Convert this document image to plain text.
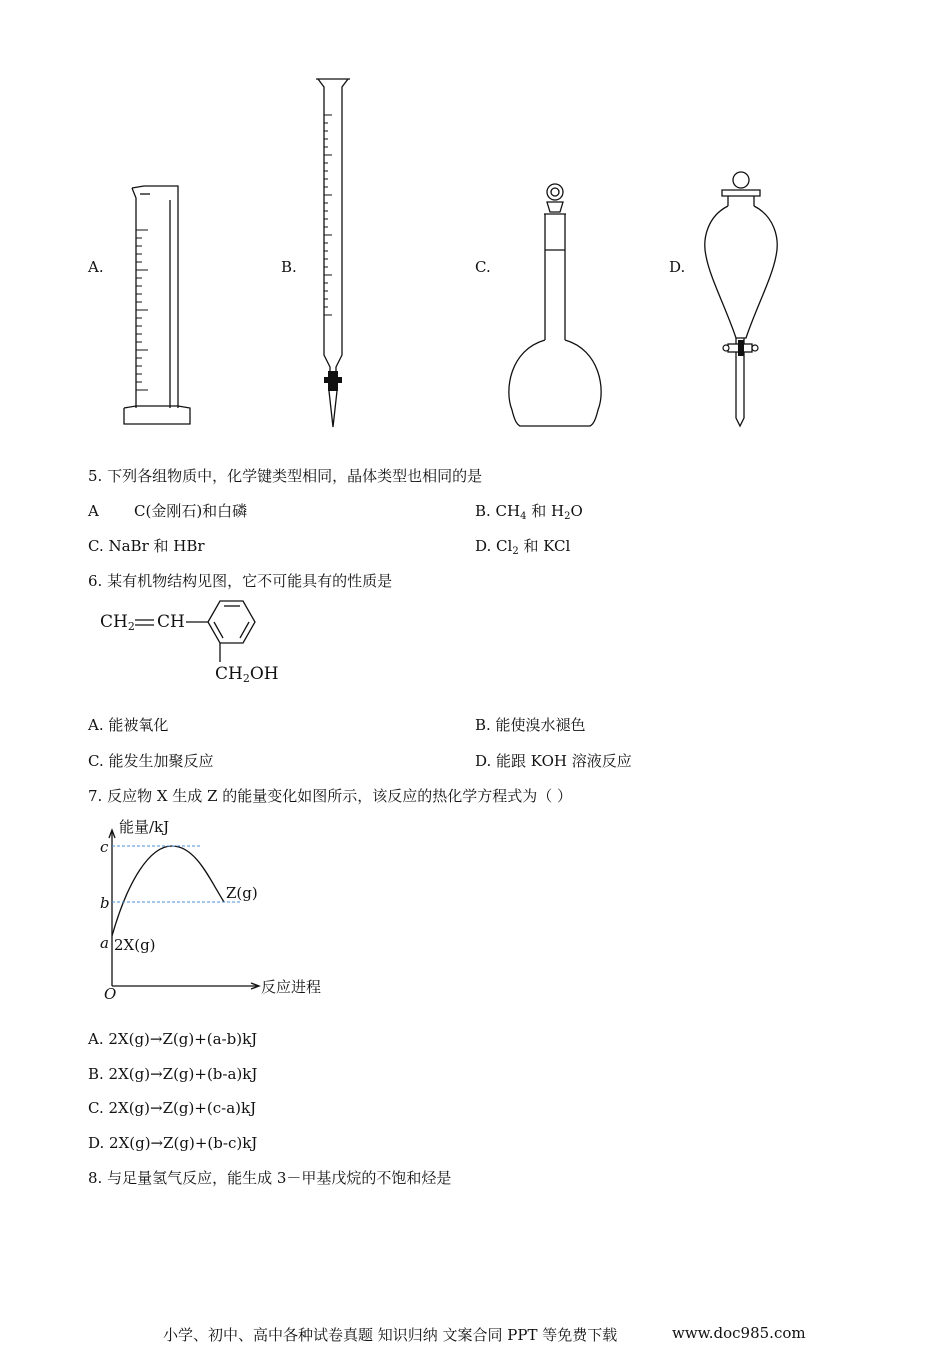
A.	B.	C.	D.
5. 下列各组物质中，化学键类型相同，晶体类型也相同的是
A C(金刚石)和白磷	B. $CH_4$ 和 $H_2O$
C. NaBr 和 HBr	D. $Cl_2$ 和 KCl
6. 某有机物结构见图，它不可能具有的性质是
$CH_2$ CH
$CH_2OH$
A. 能被氧化	B. 能使溴水褪色
C. 能发生加聚反应	D. 能跟 KOH 溶液反应
7. 反应物 X 生成 Z 的能量变化如图所示，该反应的热化学方程式为（ ）
能量/kJ
反应进程
O
c
b
a 2X(g)
Z(g)
A. 2X(g)→Z(g)+(a-b)kJ
B. 2X(g)→Z(g)+(b-a)kJ
C. 2X(g)→Z(g)+(c-a)kJ
D. 2X(g)→Z(g)+(b-c)kJ
8. 与足量氢气反应，能生成 3－甲基戊烷的不饱和烃是
小学、初中、高中各种试卷真题 知识归纳 文案合同 PPT 等免费下载	www.doc985.com
